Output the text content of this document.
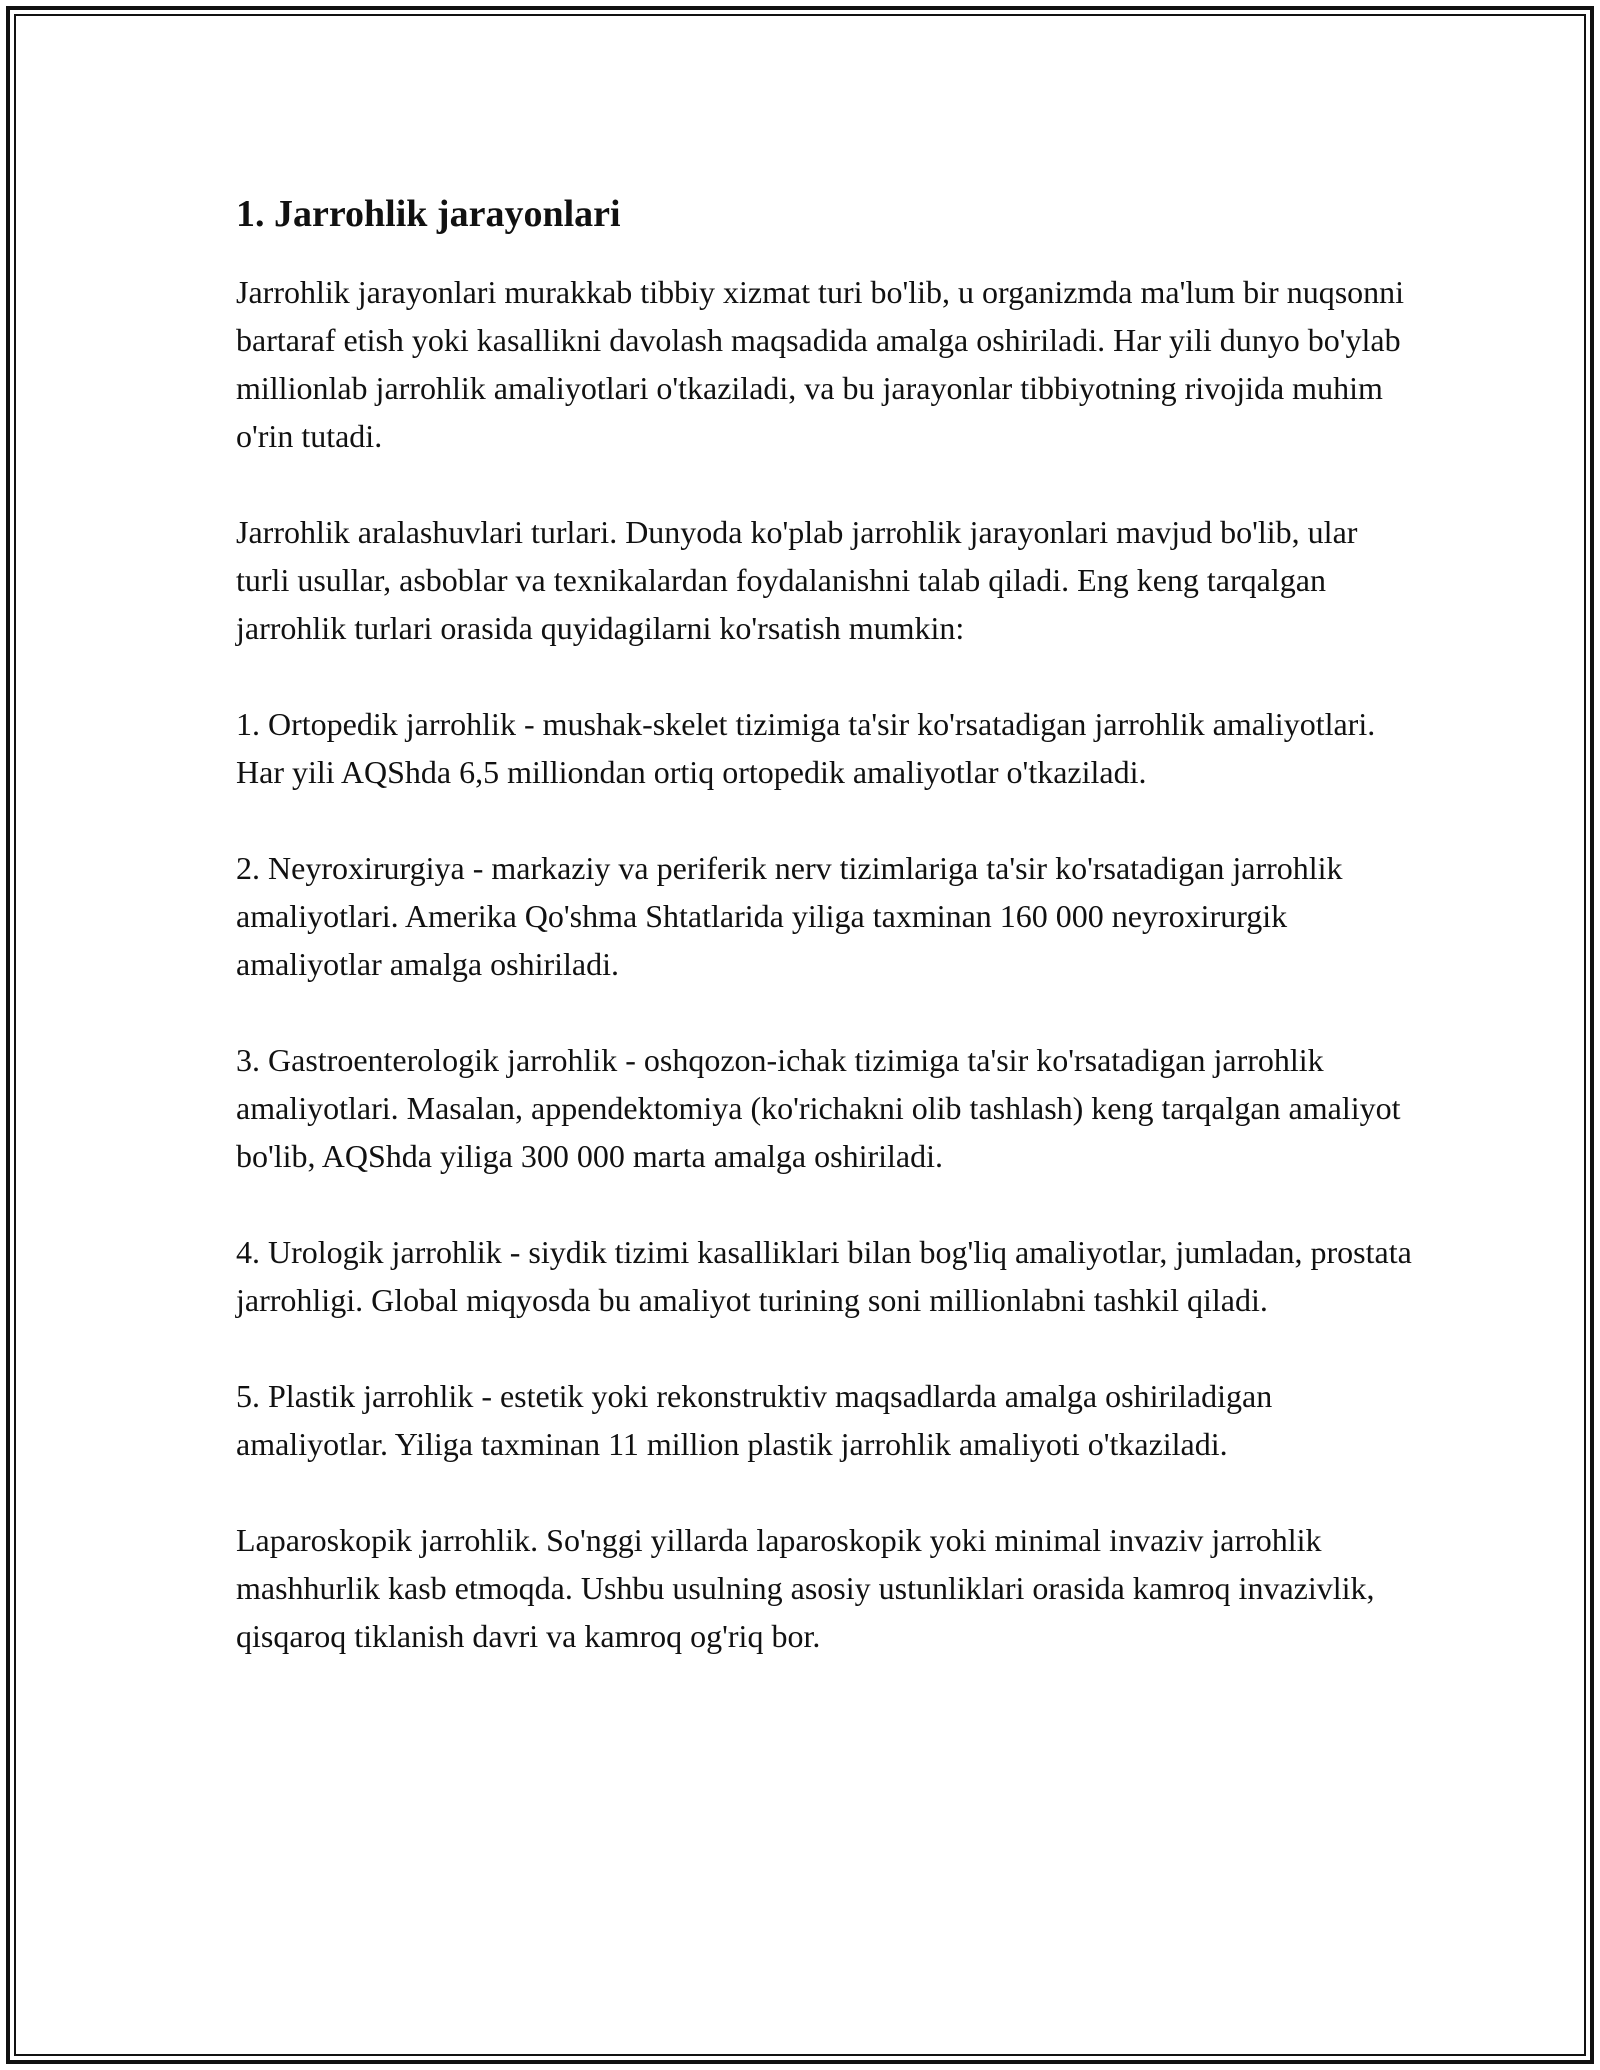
1. Jarrohlik jarayonlari

Jarrohlik jarayonlari murakkab tibbiy xizmat turi bo'lib, u organizmda ma'lum bir nuqsonni bartaraf etish yoki kasallikni davolash maqsadida amalga oshiriladi. Har yili dunyo bo'ylab millionlab jarrohlik amaliyotlari o'tkaziladi, va bu jarayonlar tibbiyotning rivojida muhim o'rin tutadi.

Jarrohlik aralashuvlari turlari. Dunyoda ko'plab jarrohlik jarayonlari mavjud bo'lib, ular turli usullar, asboblar va texnikalardan foydalanishni talab qiladi. Eng keng tarqalgan jarrohlik turlari orasida quyidagilarni ko'rsatish mumkin:

1. Ortopedik jarrohlik - mushak-skelet tizimiga ta'sir ko'rsatadigan jarrohlik amaliyotlari. Har yili AQShda 6,5 milliondan ortiq ortopedik amaliyotlar o'tkaziladi.

2. Neyroxirurgiya - markaziy va periferik nerv tizimlariga ta'sir ko'rsatadigan jarrohlik amaliyotlari. Amerika Qo'shma Shtatlarida yiliga taxminan 160 000 neyroxirurgik amaliyotlar amalga oshiriladi.

3. Gastroenterologik jarrohlik - oshqozon-ichak tizimiga ta'sir ko'rsatadigan jarrohlik amaliyotlari. Masalan, appendektomiya (ko'richakni olib tashlash) keng tarqalgan amaliyot bo'lib, AQShda yiliga 300 000 marta amalga oshiriladi.

4. Urologik jarrohlik - siydik tizimi kasalliklari bilan bog'liq amaliyotlar, jumladan, prostata jarrohligi. Global miqyosda bu amaliyot turining soni millionlabni tashkil qiladi.

5. Plastik jarrohlik - estetik yoki rekonstruktiv maqsadlarda amalga oshiriladigan amaliyotlar. Yiliga taxminan 11 million plastik jarrohlik amaliyoti o'tkaziladi.

Laparoskopik jarrohlik. So'nggi yillarda laparoskopik yoki minimal invaziv jarrohlik mashhurlik kasb etmoqda. Ushbu usulning asosiy ustunliklari orasida kamroq invazivlik, qisqaroq tiklanish davri va kamroq og'riq bor.
